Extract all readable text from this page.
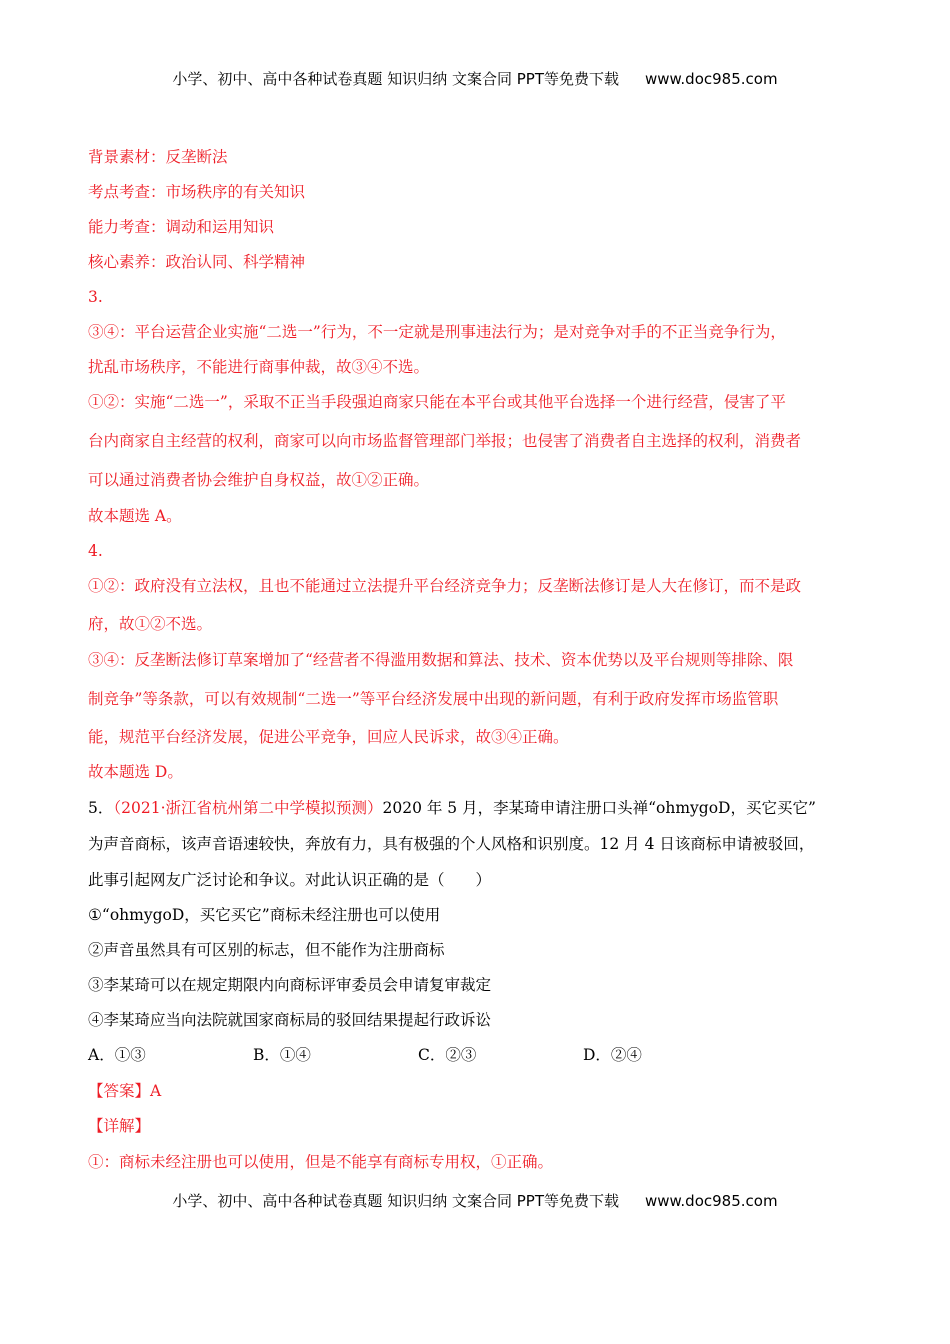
小学、初中、高中各种试卷真题 知识归纳 文案合同 PPT等免费下载 www.doc985.com
背景素材：反垄断法
考点考查：市场秩序的有关知识
能力考查：调动和运用知识
核心素养：政治认同、科学精神
3.
③④：平台运营企业实施“二选一”行为，不一定就是刑事违法行为；是对竞争对手的不正当竞争行为，
扰乱市场秩序，不能进行商事仲裁，故③④不选。
①②：实施“二选一”，采取不正当手段强迫商家只能在本平台或其他平台选择一个进行经营，侵害了平
台内商家自主经营的权利，商家可以向市场监督管理部门举报；也侵害了消费者自主选择的权利，消费者
可以通过消费者协会维护自身权益，故①②正确。
故本题选 A。
4.
①②：政府没有立法权，且也不能通过立法提升平台经济竞争力；反垄断法修订是人大在修订，而不是政
府，故①②不选。
③④：反垄断法修订草案增加了“经营者不得滥用数据和算法、技术、资本优势以及平台规则等排除、限
制竞争”等条款，可以有效规制“二选一”等平台经济发展中出现的新问题，有利于政府发挥市场监管职
能，规范平台经济发展，促进公平竞争，回应人民诉求，故③④正确。
故本题选 D。
5．（2021·浙江省杭州第二中学模拟预测）2020 年 5 月，李某琦申请注册口头禅“ohmygoD，买它买它”
为声音商标，该声音语速较快，奔放有力，具有极强的个人风格和识别度。12 月 4 日该商标申请被驳回，
此事引起网友广泛讨论和争议。对此认识正确的是（　　）
①“ohmygoD，买它买它”商标未经注册也可以使用
②声音虽然具有可区别的标志，但不能作为注册商标
③李某琦可以在规定期限内向商标评审委员会申请复审裁定
④李某琦应当向法院就国家商标局的驳回结果提起行政诉讼
A．①③	B．①④	C．②③	D．②④
【答案】A
【详解】
①：商标未经注册也可以使用，但是不能享有商标专用权，①正确。
小学、初中、高中各种试卷真题 知识归纳 文案合同 PPT等免费下载 www.doc985.com
